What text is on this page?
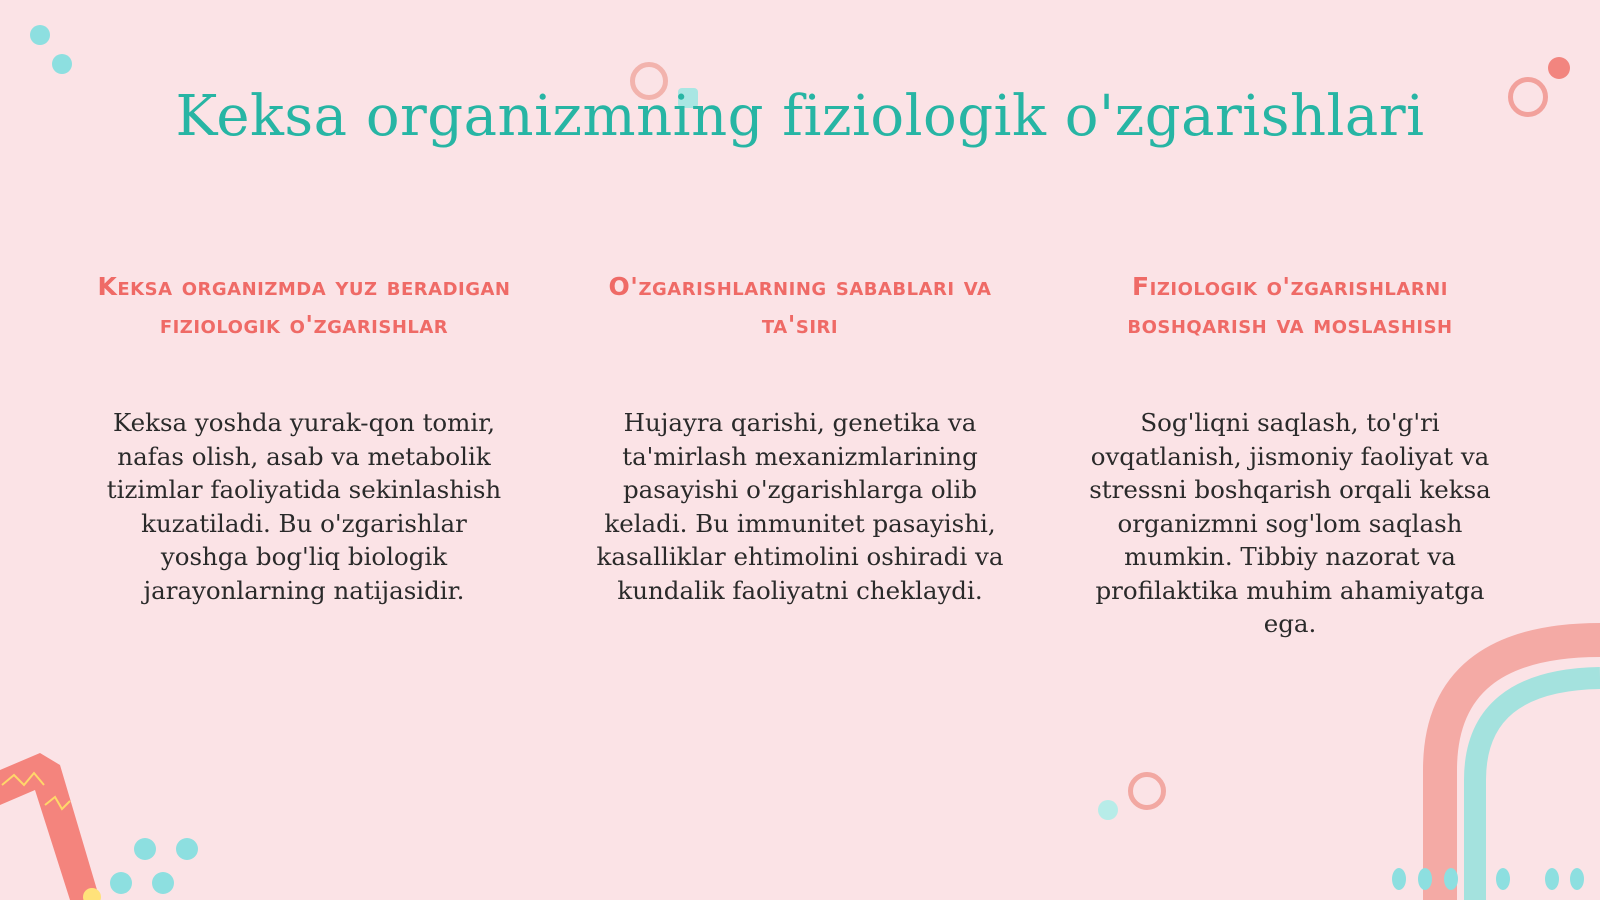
Keksa organizmning fiziologik o'zgarishlari
Keksa organizmda yuz beradigan fiziologik o'zgarishlar
Keksa yoshda yurak-qon tomir, nafas olish, asab va metabolik tizimlar faoliyatida sekinlashish kuzatiladi. Bu o'zgarishlar yoshga bog'liq biologik jarayonlarning natijasidir.
O'zgarishlarning sabablari va ta'siri
Hujayra qarishi, genetika va ta'mirlash mexanizmlarining pasayishi o'zgarishlarga olib keladi. Bu immunitet pasayishi, kasalliklar ehtimolini oshiradi va kundalik faoliyatni cheklaydi.
Fiziologik o'zgarishlarni boshqarish va moslashish
Sog'liqni saqlash, to'g'ri ovqatlanish, jismoniy faoliyat va stressni boshqarish orqali keksa organizmni sog'lom saqlash mumkin. Tibbiy nazorat va profilaktika muhim ahamiyatga ega.
